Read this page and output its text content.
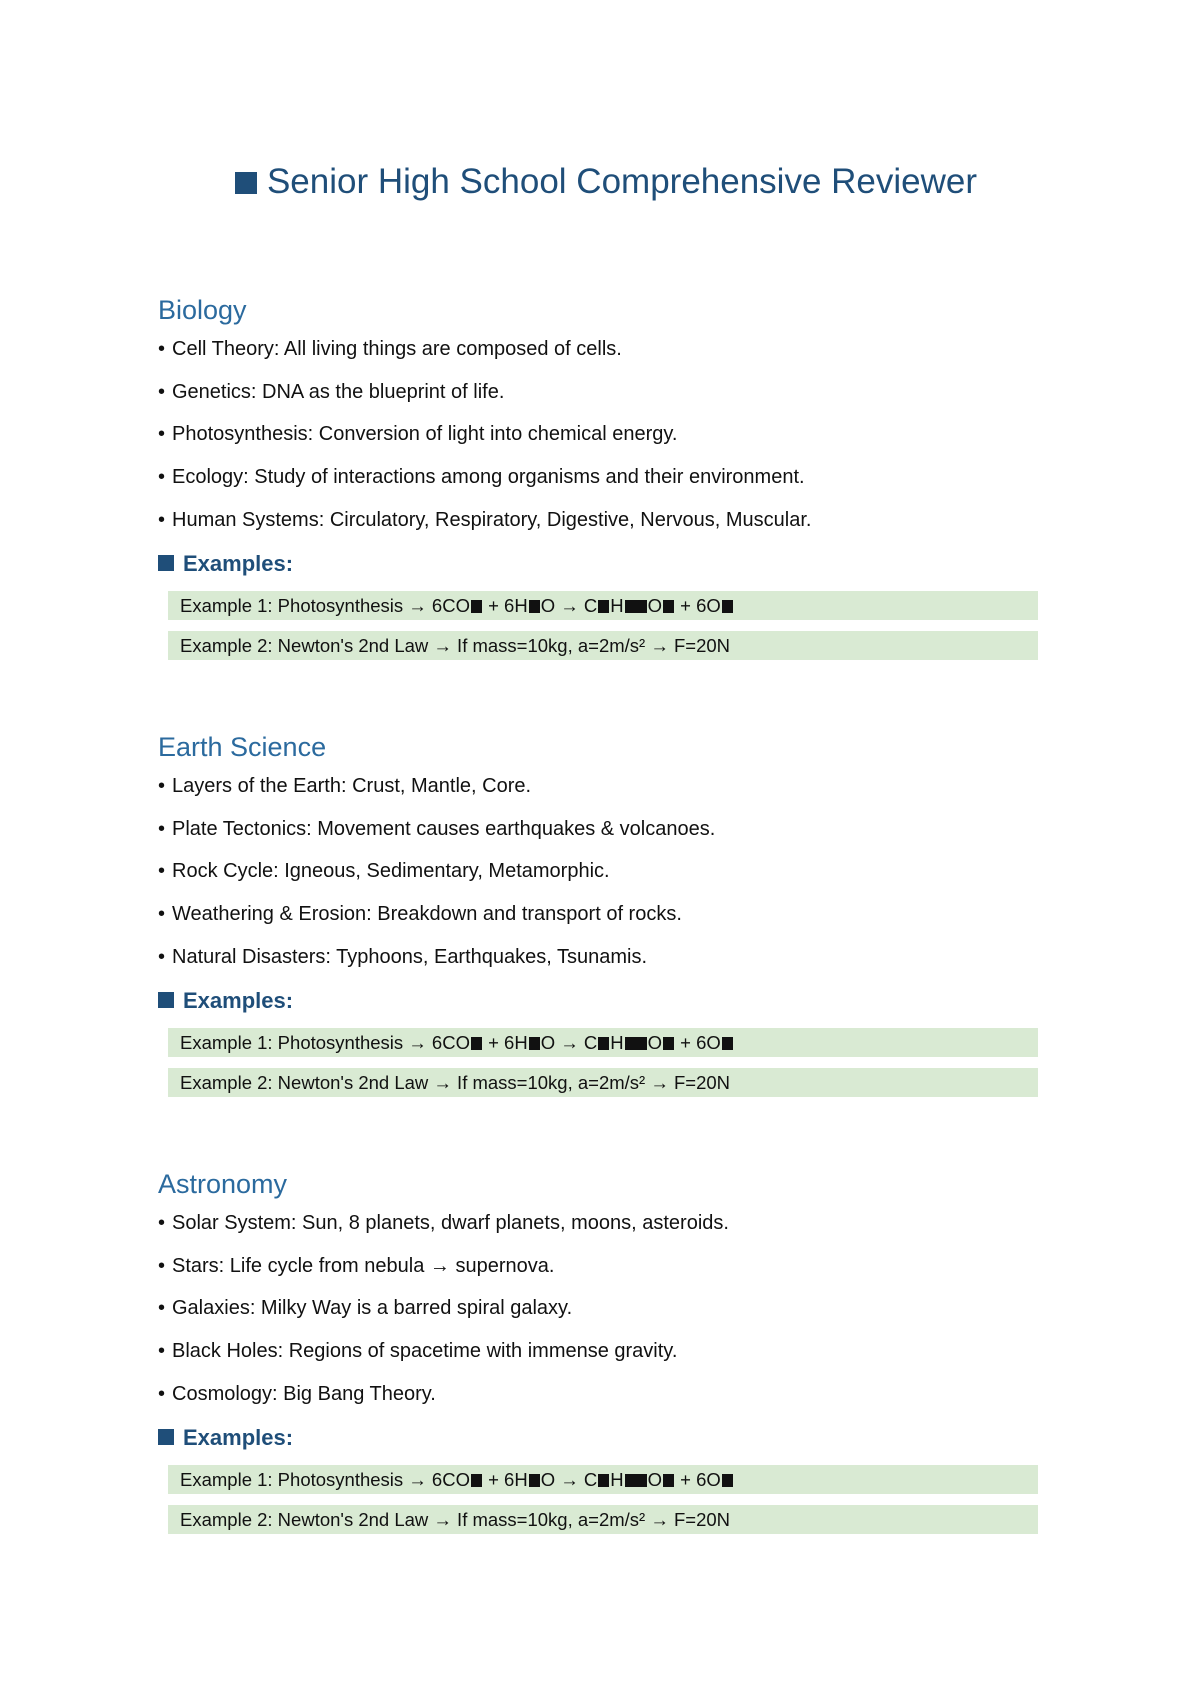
Senior High School Comprehensive Reviewer
Biology
• Cell Theory: All living things are composed of cells.
• Genetics: DNA as the blueprint of life.
• Photosynthesis: Conversion of light into chemical energy.
• Ecology: Study of interactions among organisms and their environment.
• Human Systems: Circulatory, Respiratory, Digestive, Nervous, Muscular.
Examples:
Example 1: Photosynthesis → 6CO + 6H O → C H O + 6O
Example 2: Newton's 2nd Law → If mass=10kg, a=2m/s² → F=20N
Earth Science
• Layers of the Earth: Crust, Mantle, Core.
• Plate Tectonics: Movement causes earthquakes & volcanoes.
• Rock Cycle: Igneous, Sedimentary, Metamorphic.
• Weathering & Erosion: Breakdown and transport of rocks.
• Natural Disasters: Typhoons, Earthquakes, Tsunamis.
Examples:
Example 1: Photosynthesis → 6CO + 6H O → C H O + 6O
Example 2: Newton's 2nd Law → If mass=10kg, a=2m/s² → F=20N
Astronomy
• Solar System: Sun, 8 planets, dwarf planets, moons, asteroids.
• Stars: Life cycle from nebula → supernova.
• Galaxies: Milky Way is a barred spiral galaxy.
• Black Holes: Regions of spacetime with immense gravity.
• Cosmology: Big Bang Theory.
Examples:
Example 1: Photosynthesis → 6CO + 6H O → C H O + 6O
Example 2: Newton's 2nd Law → If mass=10kg, a=2m/s² → F=20N
